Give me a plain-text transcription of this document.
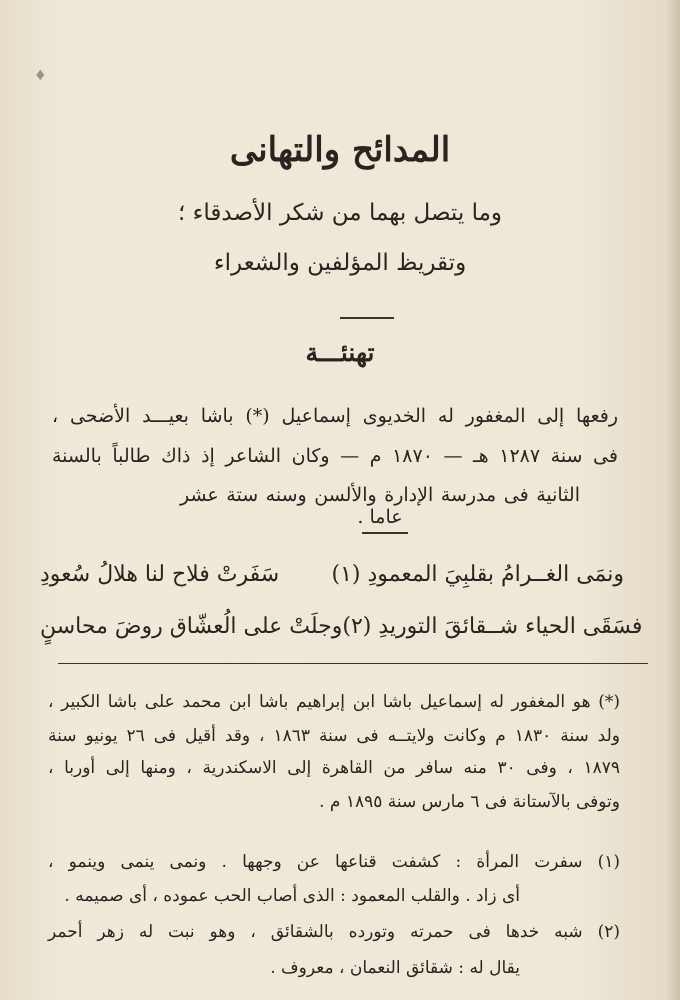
♦
المدائح والتهانى
وما يتصل بهما من شكر الأصدقاء ؛
وتقريظ المؤلفين والشعراء
تهنئـــة
رفعها إلى المغفور له الخديوى إسماعيل (*) باشا بعيـــد الأضحى ،
فى سنة ١٢٨٧ هـ — ١٨٧٠ م — وكان الشاعر إذ ذاك طالباً بالسنة
الثانية فى مدرسة الإدارة والألسن وسنه ستة عشر عاما .
سَفَرتْ فلاح لنا هلالُ سُعودِ ونمَى الغــرامُ بقلبِيَ المعمودِ (١)
وجلَتْ على الُعشّاق روضَ محاسنٍ فسَقَى الحياء شــقائقَ التوريدِ (٢)
(*) هو المغفور له إسماعيل باشا ابن إبراهيم باشا ابن محمد على باشا الكبير ،
ولد سنة ١٨٣٠ م وكانت ولايتــه فى سنة ١٨٦٣ ، وقد أقيل فى ٢٦ يونيو سنة
١٨٧٩ ، وفى ٣٠ منه سافر من القاهرة إلى الاسكندرية ، ومنها إلى أوربا ،
وتوفى بالآستانة فى ٦ مارس سنة ١٨٩٥ م .
(١) سفرت المرأة : كشفت قناعها عن وجهها . ونمى ينمى وينمو ،
أى زاد . والقلب المعمود : الذى أصاب الحب عموده ، أى صميمه .
(٢) شبه خدها فى حمرته وتورده بالشقائق ، وهو نبت له زهر أحمر
يقال له : شقائق النعمان ، معروف .
